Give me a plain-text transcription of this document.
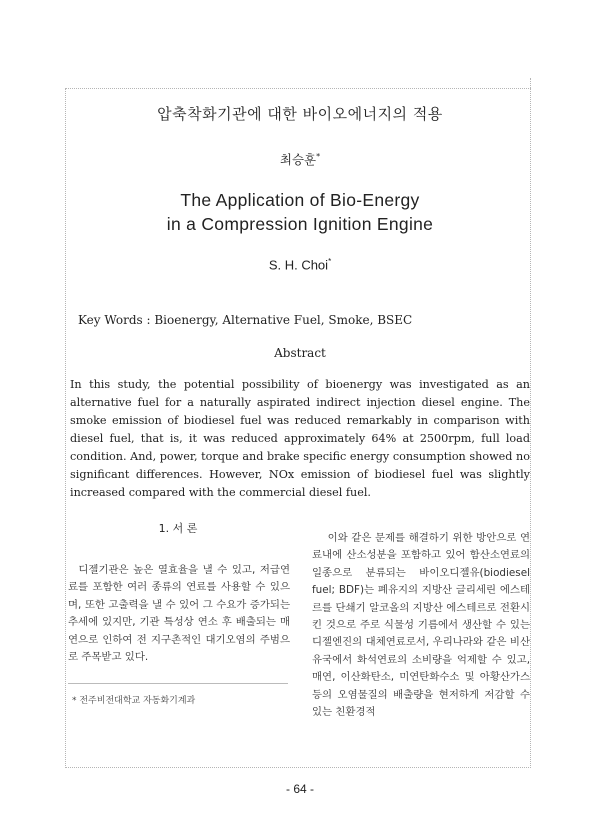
압축착화기관에 대한 바이오에너지의 적용
최승훈*
The Application of Bio-Energy
in a Compression Ignition Engine
S. H. Choi*
Key Words : Bioenergy, Alternative Fuel, Smoke, BSEC
Abstract
In this study, the potential possibility of bioenergy was investigated as an alternative fuel for a naturally aspirated indirect injection diesel engine. The smoke emission of biodiesel fuel was reduced remarkably in comparison with diesel fuel, that is, it was reduced approximately 64% at 2500rpm, full load condition. And, power, torque and brake specific energy consumption showed no significant differences. However, NOx emission of biodiesel fuel was slightly increased compared with the commercial diesel fuel.
1. 서 론

디젤기관은 높은 열효율을 낼 수 있고, 저급연료를 포함한 여러 종류의 연료를 사용할 수 있으며, 또한 고출력을 낼 수 있어 그 수요가 증가되는 추세에 있지만, 기관 특성상 연소 후 배출되는 매연으로 인하여 전 지구촌적인 대기오염의 주범으로 주목받고 있다.

* 전주비전대학교 자동화기계과

이와 같은 문제를 해결하기 위한 방안으로 연료내에 산소성분을 포함하고 있어 함산소연료의 일종으로 분류되는 바이오디젤유(biodiesel fuel; BDF)는 폐유지의 지방산 글리세린 에스테르를 단쇄기 알코올의 지방산 에스테르로 전환시킨 것으로 주로 식물성 기름에서 생산할 수 있는 디젤엔진의 대체연료로서, 우리나라와 같은 비산유국에서 화석연료의 소비량을 억제할 수 있고, 매연, 이산화탄소, 미연탄화수소 및 아황산가스 등의 오염물질의 배출량을 현저하게 저감할 수 있는 친환경적

- 64 -
